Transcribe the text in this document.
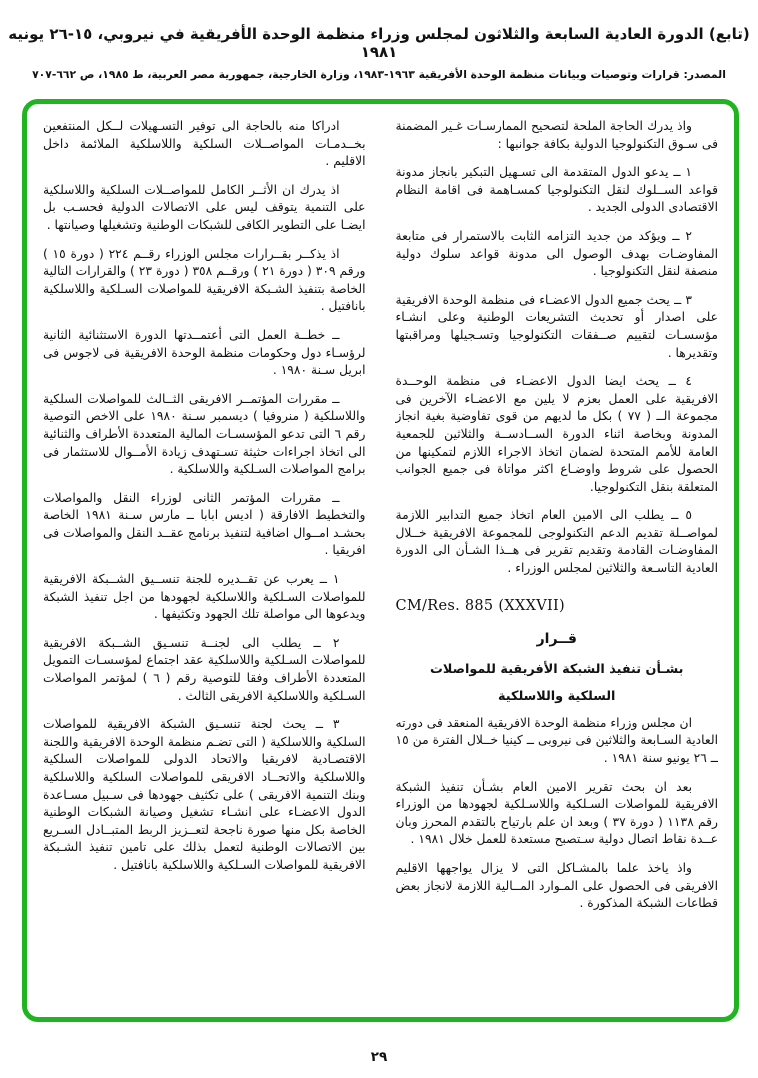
(تابع) الدورة العادية السابعة والثلاثون لمجلس وزراء منظمة الوحدة الأفريقية في نيروبي، ١٥-٢٦ يونيه ١٩٨١
المصدر: قرارات وتوصيات وبيانات منظمة الوحدة الأفريقية ١٩٦٣-١٩٨٣، وزارة الخارجية، جمهورية مصر العربية، ط ١٩٨٥، ص ٦٦٢-٧٠٧

واذ يدرك الحاجة الملحة لتصحيح الممارسـات غـير المضمنة فى سـوق التكنولوجيا الدولية بكافة جوانبها :

١ ــ يدعو الدول المتقدمة الى تسـهيل التبكير بانجاز مدونة قواعد الســلوك لنقل التكنولوجيا كمسـاهمة فى اقامة النظام الاقتصادى الدولى الجديد .

٢ ــ ويؤكد من جديد التزامه الثابت بالاستمرار فى متابعة المفاوضـات بهدف الوصول الى مدونة قواعد سلوك دولية منصفة لنقل التكنولوجيا .

٣ ــ يحث جميع الدول الاعضـاء فى منظمة الوحدة الافريقية على اصدار أو تحديث التشريعات الوطنية وعلى انشـاء مؤسسـات لتقييم صــفقات التكنولوجيا وتسـجيلها ومراقبتها وتقديرها .

٤ ــ يحث ايضا الدول الاعضـاء فى منظمة الوحــدة الافريقية على العمل بعزم لا يلين مع الاعضـاء الآخرين فى مجموعة الــ ( ٧٧ ) بكل ما لديهم من قوى تفاوضية بغية انجاز المدونة وبخاصة اثناء الدورة الســادســة والثلاثين للجمعية العامة للأمم المتحدة لضمان اتخاذ الاجراء اللازم لتمكينها من الحصول على شروط واوضـاع اكثر مواتاة فى جميع الجوانب المتعلقة بنقل التكنولوجيا.

٥ ــ يطلب الى الامين العام اتخاذ جميع التدابير اللازمة لمواصــلة تقديم الدعم التكنولوجى للمجموعة الافريقية خــلال المفاوضـات القادمة وتقديم تقرير فى هــذا الشـأن الى الدورة العادية التاسـعة والثلاثين لمجلس الوزراء .

CM/Res. 885 (XXXVII)

قــرار

بشـأن تنفيذ الشبكة الأفريقية للمواصلات

السلكية واللاسلكية

ان مجلس وزراء منظمة الوحدة الافريقية المنعقد فى دورته العادية السـابعة والثلاثين فى نيروبى ــ كينيا خــلال الفترة من ١٥ ــ ٢٦ يونيو سنة ١٩٨١ .

بعد ان بحث تقرير الامين العام بشـأن تنفيذ الشبكة الافريقية للمواصلات السـلكية واللاسـلكية لجهودها من الوزراء رقم ١١٣٨ ( دورة ٣٧ ) وبعد ان علم بارتياح بالتقدم المحرز وبان عــدة نقاط اتصال دولية سـتصبح مستعدة للعمل خلال ١٩٨١ .

واذ ياخذ علما بالمشـاكل التى لا يزال يواجهها الاقليم الافريقى فى الحصول على المـوارد المــالية اللازمة لانجاز بعض قطاعات الشبكة المذكورة .

ادراكا منه بالحاجة الى توفير التسـهيلات لــكل المنتفعين بخــدمـات المواصــلات السلكية واللاسلكية الملائمة داخل الاقليم .

اذ يدرك ان الأثــر الكامل للمواصــلات السلكية واللاسلكية على التنمية يتوقف ليس على الاتصالات الدولية فحسـب بل ايضـا على التطوير الكافى للشبكات الوطنية وتشغيلها وصيانتها .

اذ يذكــر بقــرارات مجلس الوزراء رقــم ٢٢٤ ( دورة ١٥ ) ورقم ٣٠٩ ( دورة ٢١ ) ورقــم ٣٥٨ ( دورة ٢٣ ) والقرارات التالية الخاصة بتنفيذ الشـبكة الافريقية للمواصلات السـلكية واللاسلكية بانافتيل .

ــ خطــة العمل التى أعتمــدتها الدورة الاستثنائية الثانية لرؤسـاء دول وحكومات منظمة الوحدة الافريقية فى لاجوس فى ابريل سـنة ١٩٨٠ .

ــ مقررات المؤتمــر الافريقى الثــالث للمواصلات السلكية واللاسلكية ( منروفيا ) ديسمبر سـنة ١٩٨٠ على الاخص التوصية رقم ٦ التى تدعو المؤسسـات المالية المتعددة الأطراف والثنائية الى اتخاذ اجراءات حثيثة تسـتهدف زيادة الأمــوال للاستثمار فى برامج المواصلات السـلكية واللاسلكية .

ــ مقررات المؤتمر الثانى لوزراء النقل والمواصلات والتخطيط الافارقة ( اديس ابابا ــ مارس سـنة ١٩٨١ الخاصة بحشـد امــوال اضافية لتنفيذ برنامج عقــد النقل والمواصلات فى افريقيا .

١ ــ يعرب عن تقــديره للجنة تنســيق الشــبكة الافريقية للمواصلات السـلكية واللاسلكية لجهودها من اجل تنفيذ الشبكة ويدعوها الى مواصلة تلك الجهود وتكثيفها .

٢ ــ يطلب الى لجنــة تنسـيق الشــبكة الافريقية للمواصلات السـلكية واللاسلكية عقد اجتماع لمؤسسـات التمويل المتعددة الأطراف وفقا للتوصية رقم ( ٦ ) لمؤتمر المواصلات السـلكية واللاسلكية الافريقى الثالث .

٣ ــ يحث لجنة تنسـيق الشبكة الافريقية للمواصلات السلكية واللاسلكية ( التى تضـم منظمة الوحدة الافريقية واللجنة الاقتصـادية لافريقيا والاتحاد الدولى للمواصلات السلكية واللاسلكية والاتحــاد الافريقى للمواصلات السلكية واللاسلكية وبنك التنمية الافريقى ) على تكثيف جهودها فى سـبيل مسـاعدة الدول الاعضـاء على انشـاء تشغيل وصيانة الشبكات الوطنية الخاصة بكل منها صورة ناجحة لتعــزيز الربط المتبــادل السـريع بين الاتصالات الوطنية لتعمل بذلك على تامين تنفيذ الشـبكة الافريقية للمواصلات السـلكية واللاسلكية بانافتيل .

٢٩
